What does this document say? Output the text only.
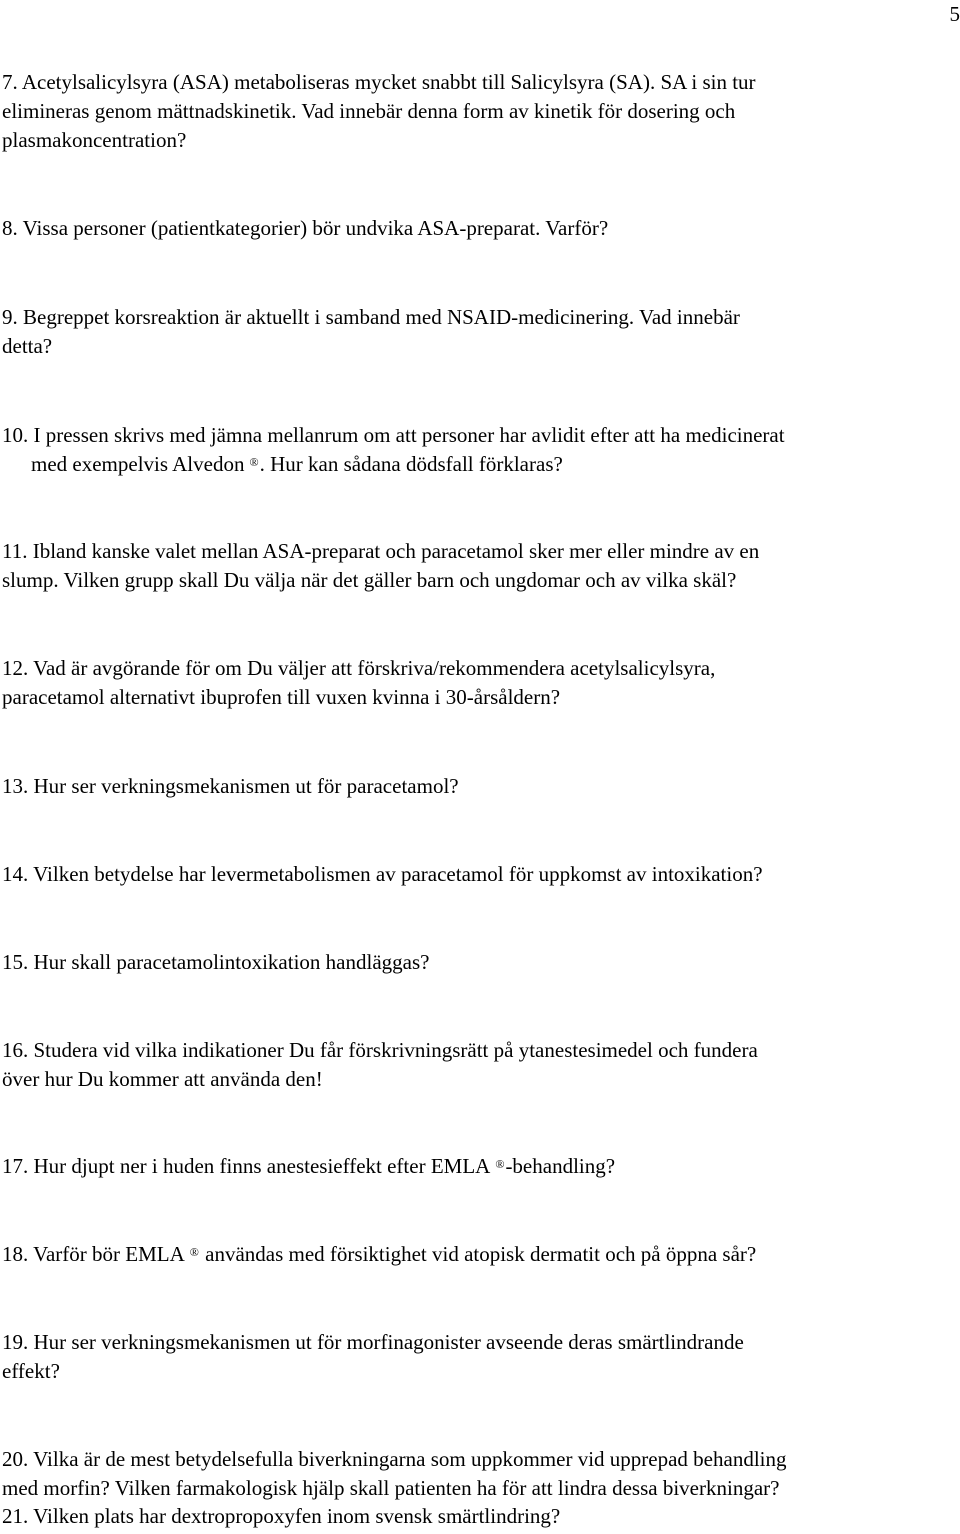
5
7. Acetylsalicylsyra (ASA) metaboliseras mycket snabbt till Salicylsyra (SA). SA i sin tur
elimineras genom mättnadskinetik. Vad innebär denna form av kinetik för dosering och
plasmakoncentration?
8. Vissa personer (patientkategorier) bör undvika ASA-preparat. Varför?
9. Begreppet korsreaktion är aktuellt i samband med NSAID-medicinering. Vad innebär
detta?
10. I pressen skrivs med jämna mellanrum om att personer har avlidit efter att ha medicinerat
med exempelvis Alvedon ®. Hur kan sådana dödsfall förklaras?
11. Ibland kanske valet mellan ASA-preparat och paracetamol sker mer eller mindre av en
slump. Vilken grupp skall Du välja när det gäller barn och ungdomar och av vilka skäl?
12. Vad är avgörande för om Du väljer att förskriva/rekommendera acetylsalicylsyra,
paracetamol alternativt ibuprofen till vuxen kvinna i 30-årsåldern?
13. Hur ser verkningsmekanismen ut för paracetamol?
14. Vilken betydelse har levermetabolismen av paracetamol för uppkomst av intoxikation?
15. Hur skall paracetamolintoxikation handläggas?
16. Studera vid vilka indikationer Du får förskrivningsrätt på ytanestesimedel och fundera
över hur Du kommer att använda den!
17. Hur djupt ner i huden finns anestesieffekt efter EMLA ®-behandling?
18. Varför bör EMLA ® användas med försiktighet vid atopisk dermatit och på öppna sår?
19. Hur ser verkningsmekanismen ut för morfinagonister avseende deras smärtlindrande
effekt?
20. Vilka är de mest betydelsefulla biverkningarna som uppkommer vid upprepad behandling
med morfin? Vilken farmakologisk hjälp skall patienten ha för att lindra dessa biverkningar?
21. Vilken plats har dextropropoxyfen inom svensk smärtlindring?
